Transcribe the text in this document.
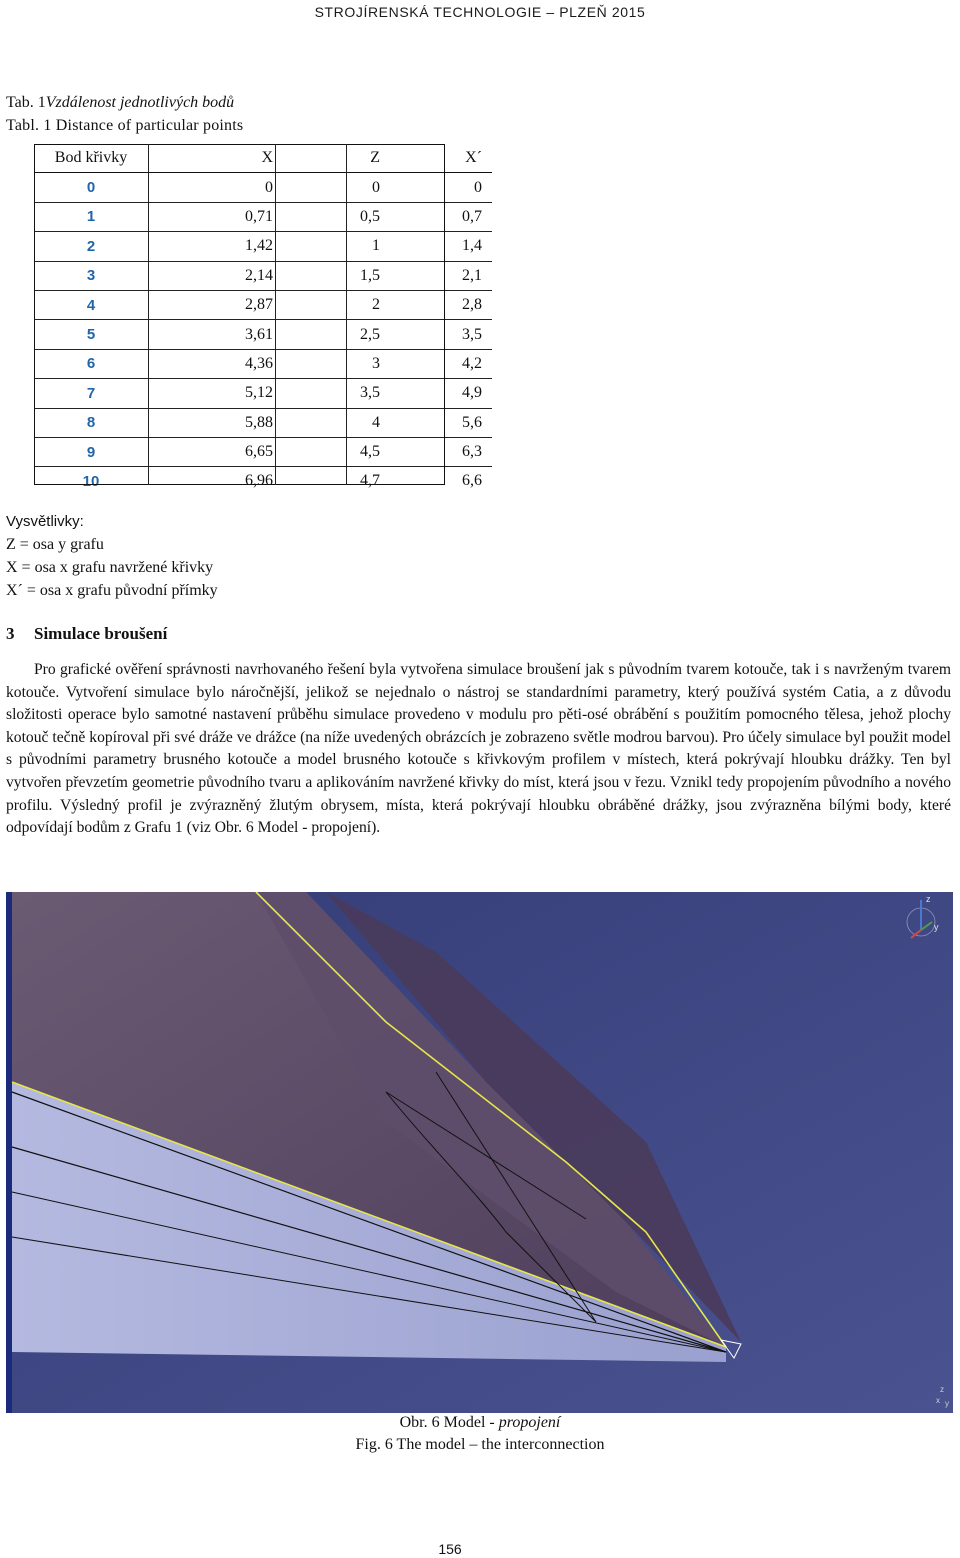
STROJÍRENSKÁ TECHNOLOGIE – PLZEŇ 2015
Tab. 1Vzdálenost jednotlivých bodů
Tabl. 1 Distance of particular points
Bod křivky	X	Z	X´
0	0	0	0
1	0,71	0,5	0,7
2	1,42	1	1,4
3	2,14	1,5	2,1
4	2,87	2	2,8
5	3,61	2,5	3,5
6	4,36	3	4,2
7	5,12	3,5	4,9
8	5,88	4	5,6
9	6,65	4,5	6,3
10	6,96	4,7	6,6
Vysvětlivky:
Z = osa y grafu
X = osa x grafu navržené křivky
X´ = osa x grafu původní přímky
3 Simulace broušení

Pro grafické ověření správnosti navrhovaného řešení byla vytvořena simulace broušení jak s původním tvarem kotouče, tak i s navrženým tvarem kotouče. Vytvoření simulace bylo náročnější, jelikož se nejednalo o nástroj se standardními parametry, který používá systém Catia, a z důvodu složitosti operace bylo samotné nastavení průběhu simulace provedeno v modulu pro pěti-osé obrábění s použitím pomocného tělesa, jehož plochy kotouč tečně kopíroval při své dráže ve drážce (na níže uvedených obrázcích je zobrazeno světle modrou barvou). Pro účely simulace byl použit model s původními parametry brusného kotouče a model brusného kotouče s křivkovým profilem v místech, která pokrývají hloubku drážky. Ten byl vytvořen převzetím geometrie původního tvaru a aplikováním navržené křivky do míst, která jsou v řezu. Vznikl tedy propojením původního a nového profilu. Výsledný profil je zvýrazněný žlutým obrysem, místa, která pokrývají hloubku obráběné drážky, jsou zvýrazněna bílými body, které odpovídají bodům z Grafu 1 (viz Obr. 6 Model - propojení).

z
y
z
x y
Obr. 6 Model - propojení
Fig. 6 The model – the interconnection
156
